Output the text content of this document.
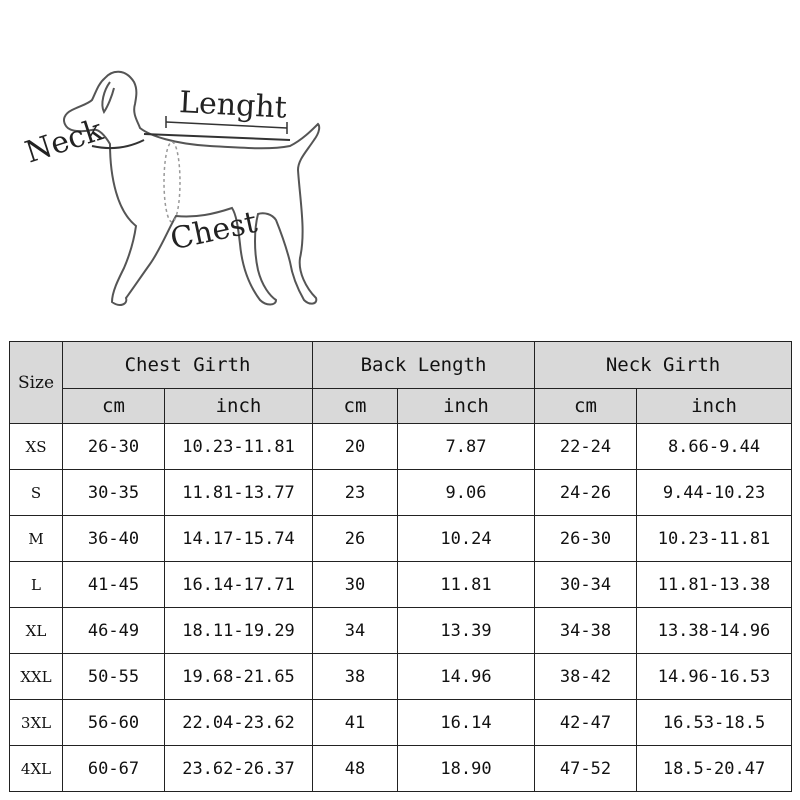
Lenght
Neck
Chest
Size	Chest Girth		Back Length		Neck Girth	
	cm	inch	cm	inch	cm	inch
XS	26-30	10.23-11.81	20	7.87	22-24	8.66-9.44
S	30-35	11.81-13.77	23	9.06	24-26	9.44-10.23
M	36-40	14.17-15.74	26	10.24	26-30	10.23-11.81
L	41-45	16.14-17.71	30	11.81	30-34	11.81-13.38
XL	46-49	18.11-19.29	34	13.39	34-38	13.38-14.96
XXL	50-55	19.68-21.65	38	14.96	38-42	14.96-16.53
3XL	56-60	22.04-23.62	41	16.14	42-47	16.53-18.5
4XL	60-67	23.62-26.37	48	18.90	47-52	18.5-20.47
